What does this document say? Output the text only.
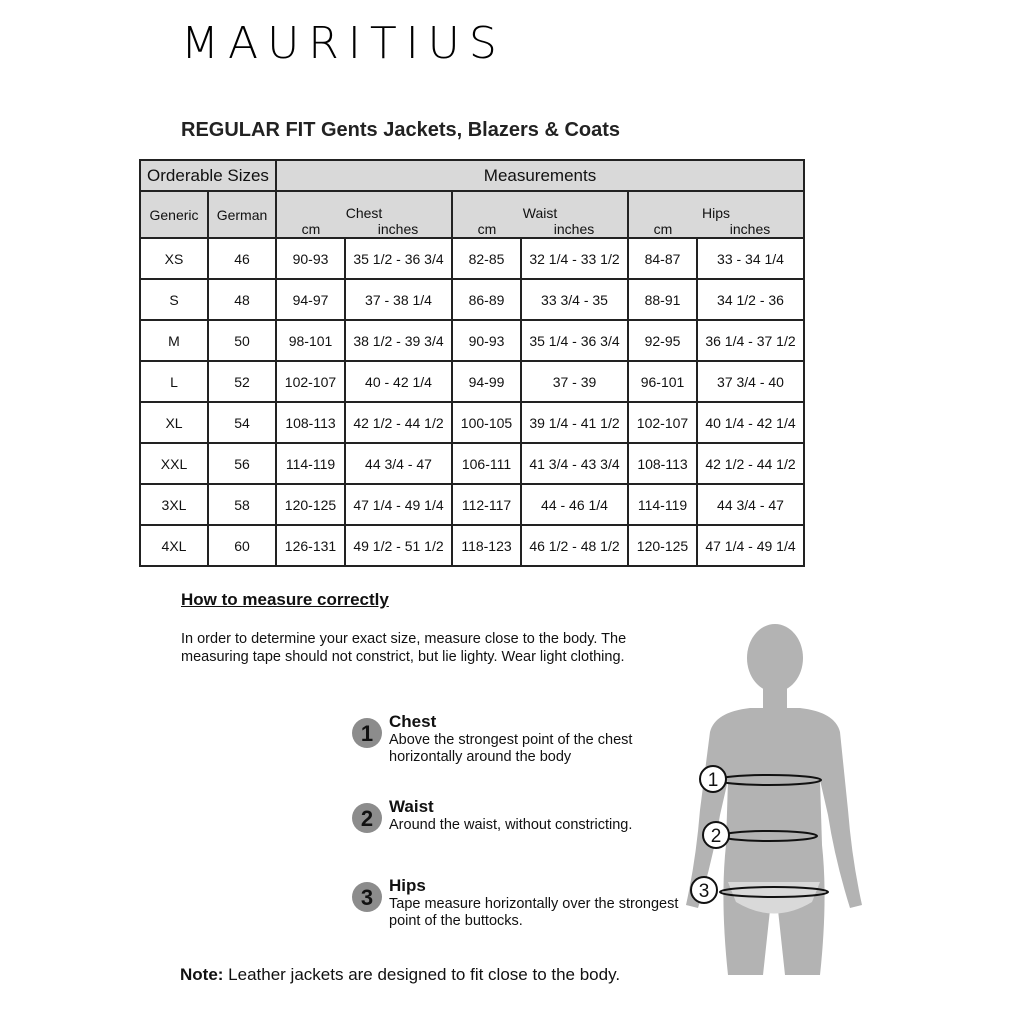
MAURITIUS
REGULAR FIT Gents Jackets, Blazers & Coats
Orderable Sizes		Measurements					
Generic	German	Chest		Waist		Hips	
		cm	inches	cm	inches	cm	inches
XS	46	90-93	35 1/2 - 36 3/4	82-85	32 1/4 - 33 1/2	84-87	33 - 34 1/4
S	48	94-97	37 - 38 1/4	86-89	33 3/4 - 35	88-91	34 1/2 - 36
M	50	98-101	38 1/2 - 39 3/4	90-93	35 1/4 - 36 3/4	92-95	36 1/4 - 37 1/2
L	52	102-107	40 - 42 1/4	94-99	37 - 39	96-101	37 3/4 - 40
XL	54	108-113	42 1/2 - 44 1/2	100-105	39 1/4 - 41 1/2	102-107	40 1/4 - 42 1/4
XXL	56	114-119	44 3/4 - 47	106-111	41 3/4 - 43 3/4	108-113	42 1/2 - 44 1/2
3XL	58	120-125	47 1/4 - 49 1/4	112-117	44 - 46 1/4	114-119	44 3/4 - 47
4XL	60	126-131	49 1/2 - 51 1/2	118-123	46 1/2 - 48 1/2	120-125	47 1/4 - 49 1/4
How to measure correctly
In order to determine your exact size, measure close to the body. The measuring tape should not constrict, but lie lighty. Wear light clothing.
1 Chest
Above the strongest point of the chest horizontally around the body
2 Waist
Around the waist, without constricting.
3 Hips
Tape measure horizontally over the strongest point of the buttocks.
1
2
3
Note: Leather jackets are designed to fit close to the body.
